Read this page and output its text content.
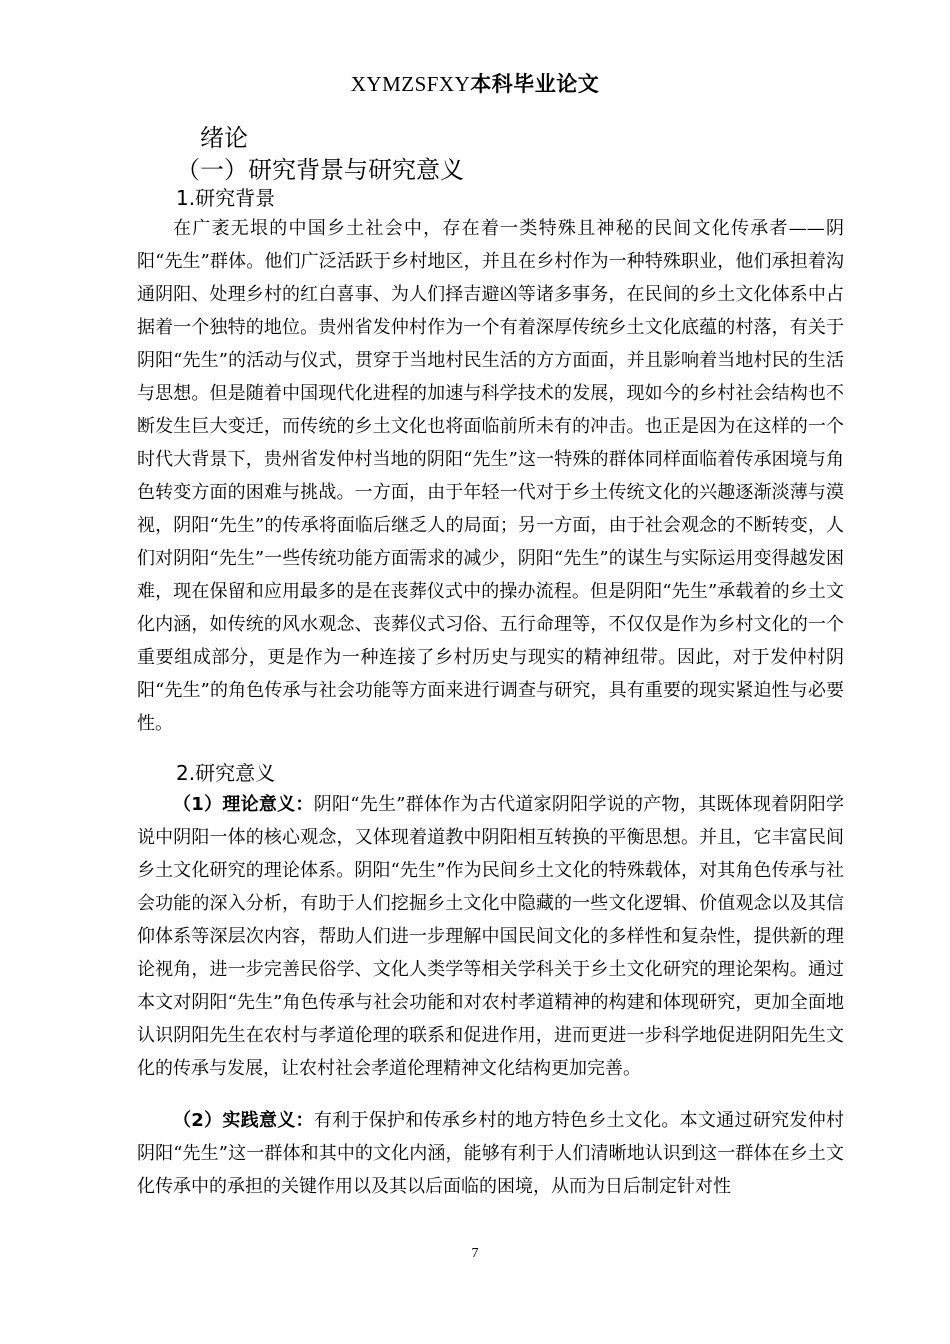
XYMZSFXY本科毕业论文
绪论
（一）研究背景与研究意义
1.研究背景

在广袤无垠的中国乡土社会中，存在着一类特殊且神秘的民间文化传承者——阴阳“先生”群体。他们广泛活跃于乡村地区，并且在乡村作为一种特殊职业，他们承担着沟通阴阳、处理乡村的红白喜事、为人们择吉避凶等诸多事务，在民间的乡土文化体系中占据着一个独特的地位。贵州省发仲村作为一个有着深厚传统乡土文化底蕴的村落，有关于阴阳“先生”的活动与仪式，贯穿于当地村民生活的方方面面，并且影响着当地村民的生活与思想。但是随着中国现代化进程的加速与科学技术的发展，现如今的乡村社会结构也不断发生巨大变迁，而传统的乡土文化也将面临前所未有的冲击。也正是因为在这样的一个时代大背景下，贵州省发仲村当地的阴阳“先生”这一特殊的群体同样面临着传承困境与角色转变方面的困难与挑战。一方面，由于年轻一代对于乡土传统文化的兴趣逐渐淡薄与漠视，阴阳“先生”的传承将面临后继乏人的局面；另一方面，由于社会观念的不断转变，人们对阴阳“先生”一些传统功能方面需求的减少，阴阳“先生”的谋生与实际运用变得越发困难，现在保留和应用最多的是在丧葬仪式中的操办流程。但是阴阳“先生”承载着的乡土文化内涵，如传统的风水观念、丧葬仪式习俗、五行命理等，不仅仅是作为乡村文化的一个重要组成部分，更是作为一种连接了乡村历史与现实的精神纽带。因此，对于发仲村阴阳“先生”的角色传承与社会功能等方面来进行调查与研究，具有重要的现实紧迫性与必要性。

2.研究意义

（1）理论意义：阴阳“先生”群体作为古代道家阴阳学说的产物，其既体现着阴阳学说中阴阳一体的核心观念，又体现着道教中阴阳相互转换的平衡思想。并且，它丰富民间乡土文化研究的理论体系。阴阳“先生”作为民间乡土文化的特殊载体，对其角色传承与社会功能的深入分析，有助于人们挖掘乡土文化中隐藏的一些文化逻辑、价值观念以及其信仰体系等深层次内容，帮助人们进一步理解中国民间文化的多样性和复杂性，提供新的理论视角，进一步完善民俗学、文化人类学等相关学科关于乡土文化研究的理论架构。通过本文对阴阳“先生”角色传承与社会功能和对农村孝道精神的构建和体现研究，更加全面地认识阴阳先生在农村与孝道伦理的联系和促进作用，进而更进一步科学地促进阴阳先生文化的传承与发展，让农村社会孝道伦理精神文化结构更加完善。

（2）实践意义：有利于保护和传承乡村的地方特色乡土文化。本文通过研究发仲村阴阳“先生”这一群体和其中的文化内涵，能够有利于人们清晰地认识到这一群体在乡土文化传承中的承担的关键作用以及其以后面临的困境，从而为日后制定针对性

7
